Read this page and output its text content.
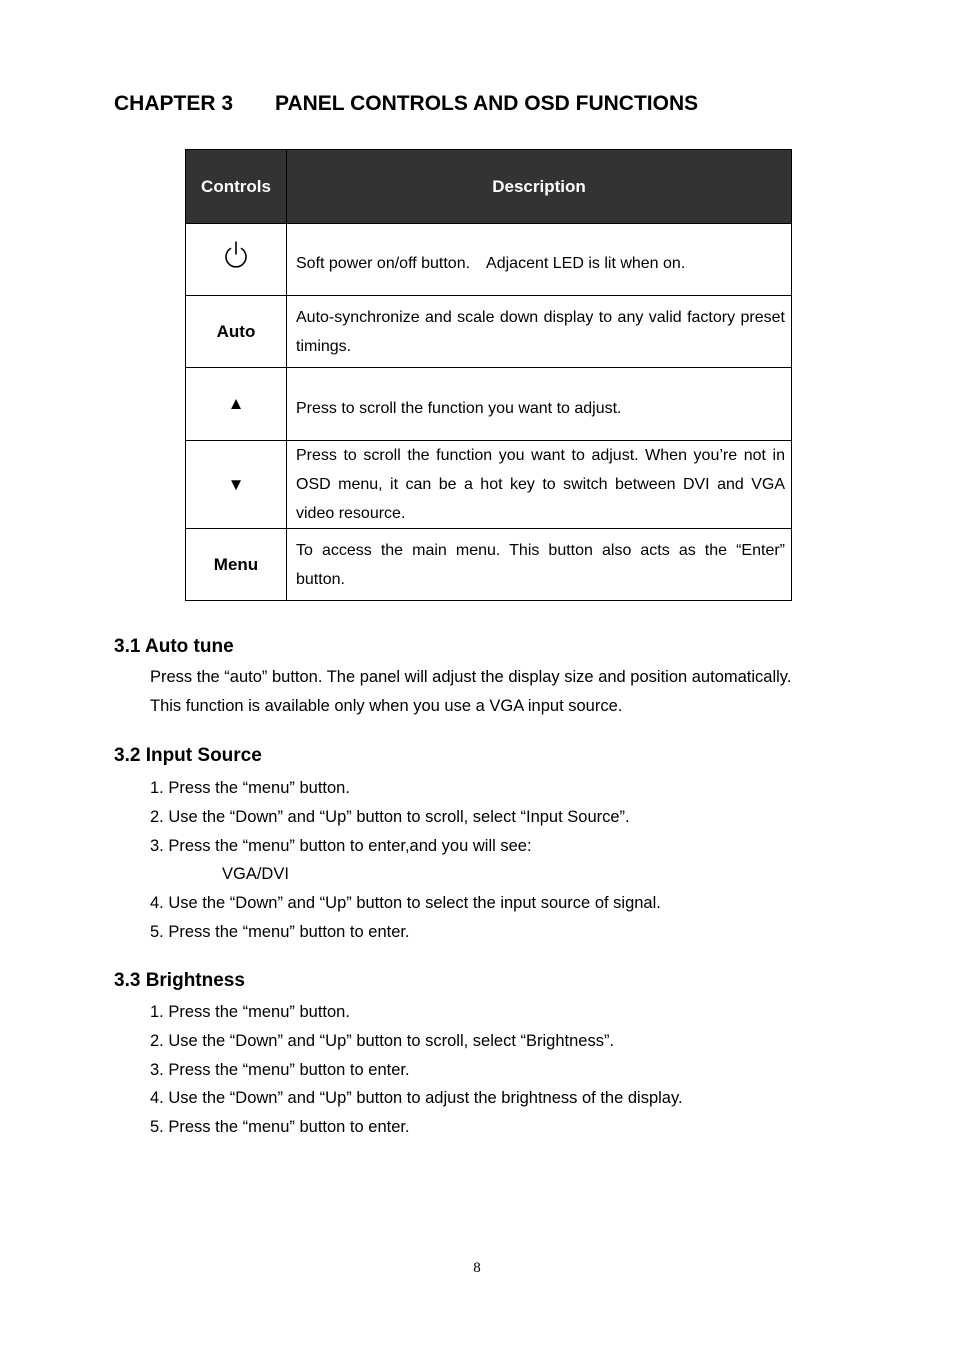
CHAPTER 3 PANEL CONTROLS AND OSD FUNCTIONS
Controls	Description
	Soft power on/off button.　Adjacent LED is lit when on.
Auto	Auto-synchronize and scale down display to any valid factory preset timings.
▲	Press to scroll the function you want to adjust.
▼	Press to scroll the function you want to adjust. When you’re not in OSD menu, it can be a hot key to switch between DVI and VGA video resource.
Menu	To access the main menu. This button also acts as the “Enter” button.
3.1 Auto tune
Press the “auto” button. The panel will adjust the display size and position automatically.
This function is available only when you use a VGA input source.
3.2 Input Source
1. Press the “menu” button.
2. Use the “Down” and “Up” button to scroll, select “Input Source”.
3. Press the “menu” button to enter,and you will see:
VGA/DVI
4. Use the “Down” and “Up” button to select the input source of signal.
5. Press the “menu” button to enter.
3.3 Brightness
1. Press the “menu” button.
2. Use the “Down” and “Up” button to scroll, select “Brightness”.
3. Press the “menu” button to enter.
4. Use the “Down” and “Up” button to adjust the brightness of the display.
5. Press the “menu” button to enter.
8
